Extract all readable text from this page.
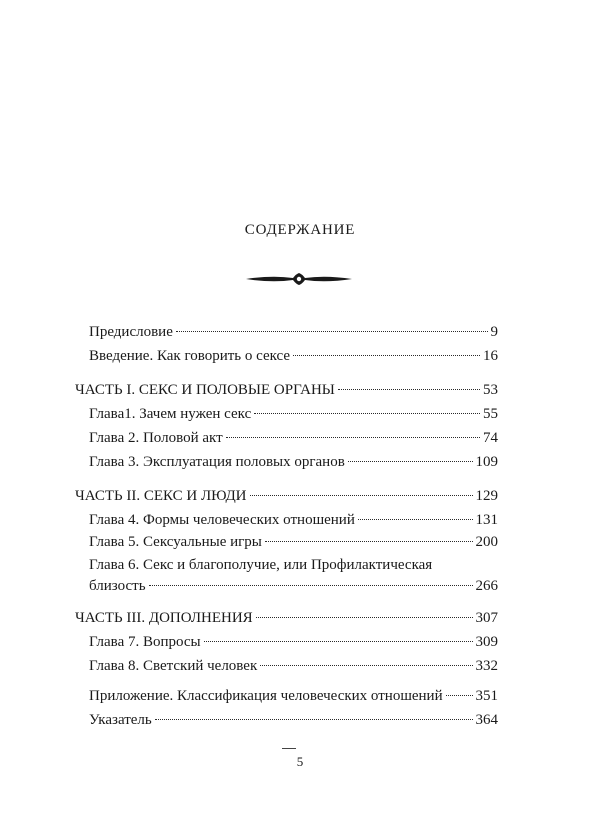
СОДЕРЖАНИЕ
Предисловие	9
Введение. Как говорить о сексе	16
ЧАСТЬ I. СЕКС И ПОЛОВЫЕ ОРГАНЫ	53
Глава1. Зачем нужен секс	55
Глава 2. Половой акт	74
Глава 3. Эксплуатация половых органов	109
ЧАСТЬ II. СЕКС И ЛЮДИ	129
Глава 4. Формы человеческих отношений	131
Глава 5. Сексуальные игры	200
Глава 6. Секс и благополучие, или Профилактическая
близость	266
ЧАСТЬ III. ДОПОЛНЕНИЯ	307
Глава 7. Вопросы	309
Глава 8. Светский человек	332
Приложение. Классификация человеческих отношений 351
Указатель	364
5
